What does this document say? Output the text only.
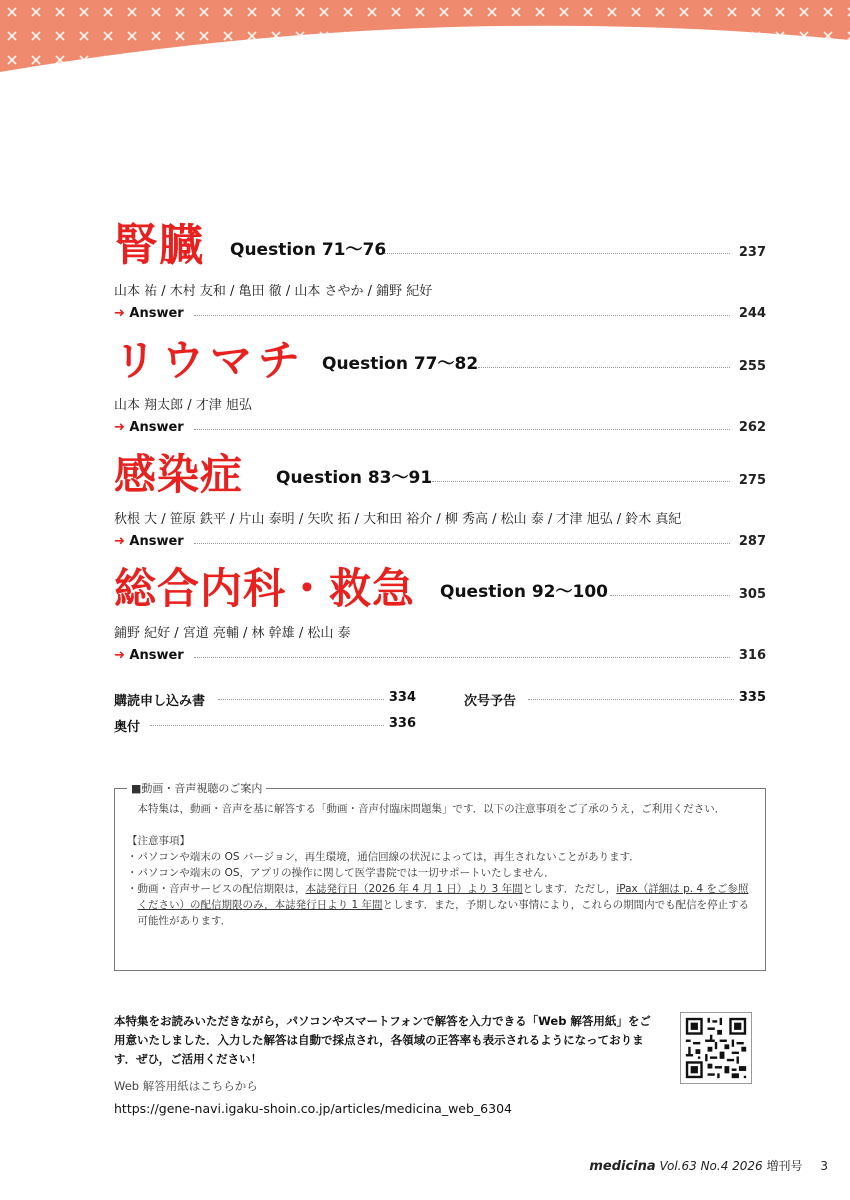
腎臓 Question 71～76	237
山本 祐 / 木村 友和 / 亀田 徹 / 山本 さやか / 鋪野 紀好
➜ Answer	244
リウマチ Question 77～82	255
山本 翔太郎 / 才津 旭弘
➜ Answer	262
感染症 Question 83～91	275
秋根 大 / 笹原 鉄平 / 片山 泰明 / 矢吹 拓 / 大和田 裕介 / 柳 秀高 / 松山 泰 / 才津 旭弘 / 鈴木 真紀
➜ Answer	287
総合内科・救急 Question 92～100	305
鋪野 紀好 / 宮道 亮輔 / 林 幹雄 / 松山 泰
➜ Answer	316
購読申し込み書	334	次号予告	335
奥付	336
■動画・音声視聴のご案内

本特集は，動画・音声を基に解答する「動画・音声付臨床問題集」です．以下の注意事項をご了承のうえ，ご利用ください．

【注意事項】

・パソコンや端末の OS バージョン，再生環境，通信回線の状況によっては，再生されないことがあります．

・パソコンや端末の OS，アプリの操作に関して医学書院では一切サポートいたしません．

・動画・音声サービスの配信期限は，本誌発行日（2026 年 4 月 1 日）より 3 年間とします．ただし，iPax（詳細は p. 4 をご参照ください）の配信期限のみ，本誌発行日より 1 年間とします．また，予期しない事情により，これらの期間内でも配信を停止する可能性があります．

本特集をお読みいただきながら，パソコンやスマートフォンで解答を入力できる「Web 解答用紙」をご用意いたしました．入力した解答は自動で採点され，各領域の正答率も表示されるようになっております．ぜひ，ご活用ください！
Web 解答用紙はこちらから
https://gene-navi.igaku-shoin.co.jp/articles/medicina_web_6304
medicina Vol.63 No.4 2026 増刊号 3
